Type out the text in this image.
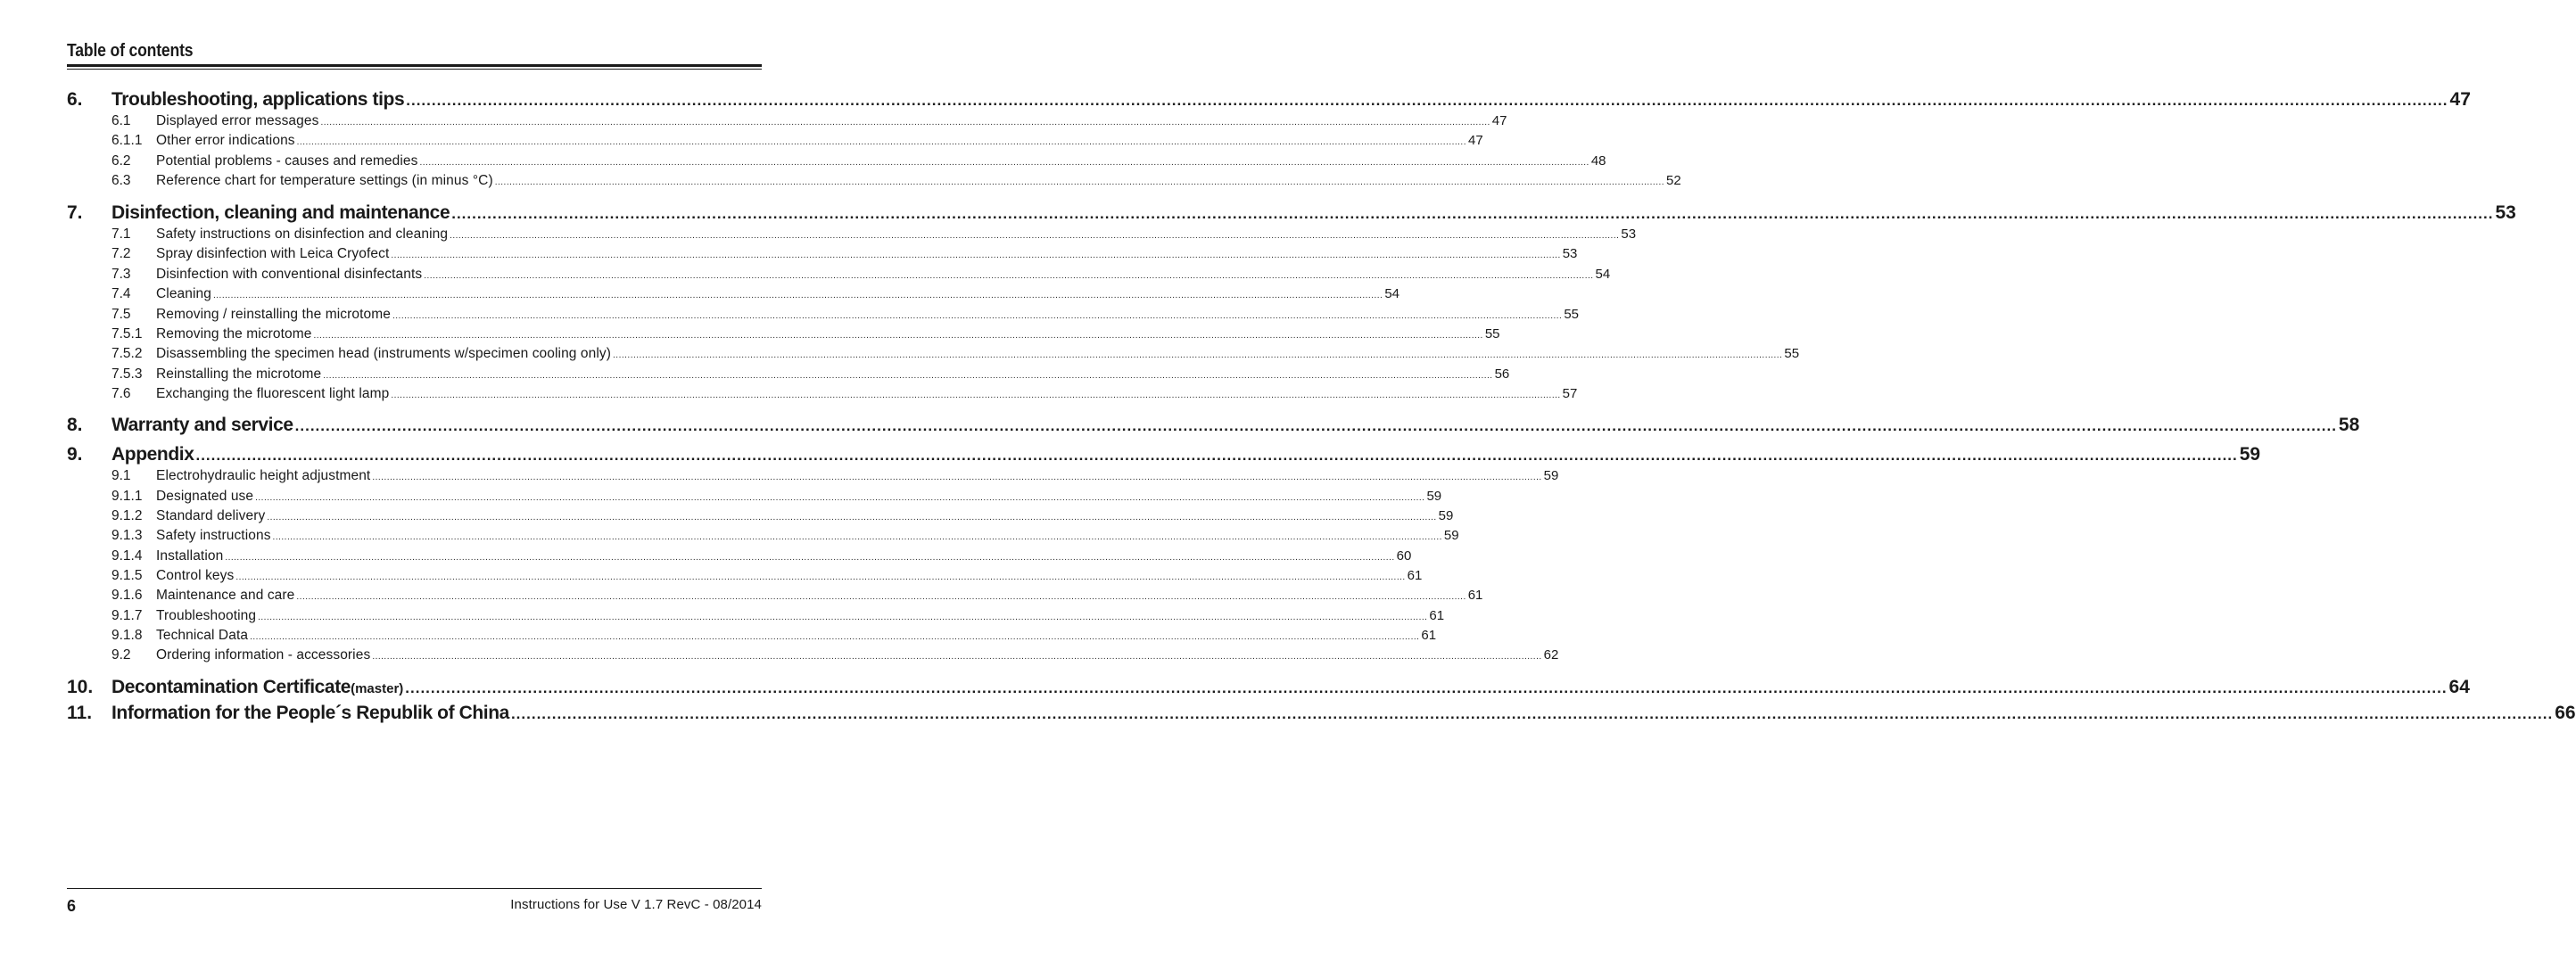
Table of contents
6.	Troubleshooting, applications tips ................................................................................................................................................................................................................................................................................................................................................................................................................ 47
6.1	Displayed error messages ................................................................................................................................................................................................................................................................................................................................................................................................................ 47
6.1.1	Other error indications ................................................................................................................................................................................................................................................................................................................................................................................................................ 47
6.2	Potential problems - causes and remedies ................................................................................................................................................................................................................................................................................................................................................................................................................ 48
6.3	Reference chart for temperature settings (in minus °C) ................................................................................................................................................................................................................................................................................................................................................................................................................ 52
7.	Disinfection, cleaning and maintenance ................................................................................................................................................................................................................................................................................................................................................................................................................ 53
7.1	Safety instructions on disinfection and cleaning ................................................................................................................................................................................................................................................................................................................................................................................................................ 53
7.2	Spray disinfection with Leica Cryofect ................................................................................................................................................................................................................................................................................................................................................................................................................ 53
7.3	Disinfection with conventional disinfectants ................................................................................................................................................................................................................................................................................................................................................................................................................ 54
7.4	Cleaning ................................................................................................................................................................................................................................................................................................................................................................................................................ 54
7.5	Removing / reinstalling the microtome ................................................................................................................................................................................................................................................................................................................................................................................................................ 55
7.5.1	Removing the microtome ................................................................................................................................................................................................................................................................................................................................................................................................................ 55
7.5.2	Disassembling the specimen head (instruments w/specimen cooling only) ................................................................................................................................................................................................................................................................................................................................................................................................................ 55
7.5.3	Reinstalling the microtome ................................................................................................................................................................................................................................................................................................................................................................................................................ 56
7.6	Exchanging the fluorescent light lamp ................................................................................................................................................................................................................................................................................................................................................................................................................ 57
8.	Warranty and service ................................................................................................................................................................................................................................................................................................................................................................................................................ 58
9.	Appendix ................................................................................................................................................................................................................................................................................................................................................................................................................ 59
9.1	Electrohydraulic height adjustment ................................................................................................................................................................................................................................................................................................................................................................................................................ 59
9.1.1	Designated use ................................................................................................................................................................................................................................................................................................................................................................................................................ 59
9.1.2	Standard delivery ................................................................................................................................................................................................................................................................................................................................................................................................................ 59
9.1.3	Safety instructions ................................................................................................................................................................................................................................................................................................................................................................................................................ 59
9.1.4	Installation ................................................................................................................................................................................................................................................................................................................................................................................................................ 60
9.1.5	Control keys ................................................................................................................................................................................................................................................................................................................................................................................................................ 61
9.1.6	Maintenance and care ................................................................................................................................................................................................................................................................................................................................................................................................................ 61
9.1.7	Troubleshooting ................................................................................................................................................................................................................................................................................................................................................................................................................ 61
9.1.8	Technical Data ................................................................................................................................................................................................................................................................................................................................................................................................................ 61
9.2	Ordering information - accessories ................................................................................................................................................................................................................................................................................................................................................................................................................ 62
10. Decontamination Certificate (master) ................................................................................................................................................................................................................................................................................................................................................................................................................ 64
11.	Information for the People´s Republik of China ................................................................................................................................................................................................................................................................................................................................................................................................................ 66
6	Instructions for Use V 1.7 RevC - 08/2014
